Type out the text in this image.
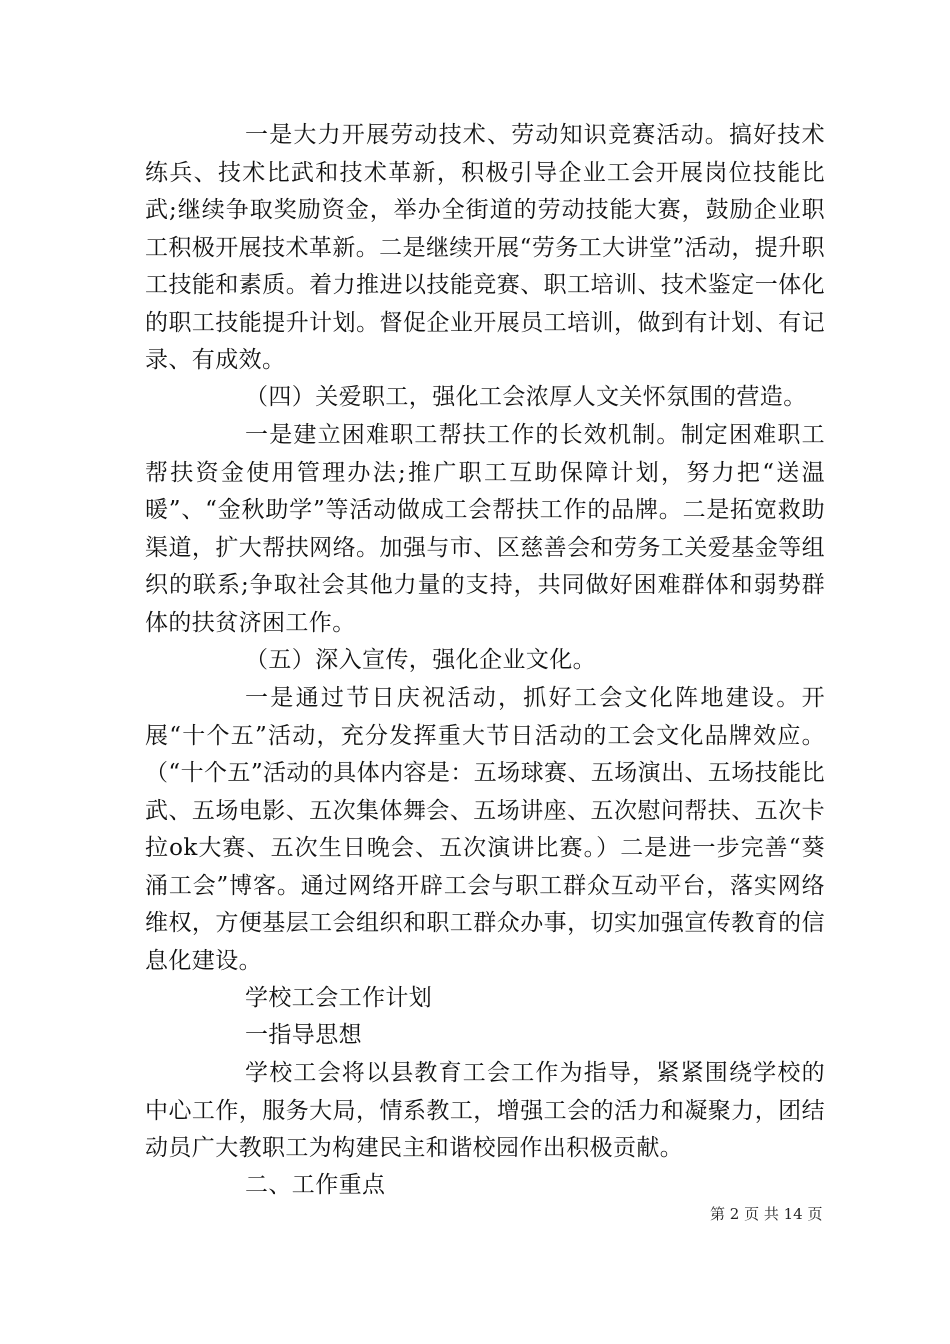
一是大力开展劳动技术、劳动知识竞赛活动。搞好技术练兵、技术比武和技术革新，积极引导企业工会开展岗位技能比武;继续争取奖励资金，举办全街道的劳动技能大赛，鼓励企业职工积极开展技术革新。二是继续开展“劳务工大讲堂”活动，提升职工技能和素质。着力推进以技能竞赛、职工培训、技术鉴定一体化的职工技能提升计划。督促企业开展员工培训，做到有计划、有记录、有成效。

（四）关爱职工，强化工会浓厚人文关怀氛围的营造。

一是建立困难职工帮扶工作的长效机制。制定困难职工帮扶资金使用管理办法;推广职工互助保障计划，努力把“送温暖”、“金秋助学”等活动做成工会帮扶工作的品牌。二是拓宽救助渠道，扩大帮扶网络。加强与市、区慈善会和劳务工关爱基金等组织的联系;争取社会其他力量的支持，共同做好困难群体和弱势群体的扶贫济困工作。

（五）深入宣传，强化企业文化。

一是通过节日庆祝活动，抓好工会文化阵地建设。开展“十个五”活动，充分发挥重大节日活动的工会文化品牌效应。（“十个五”活动的具体内容是：五场球赛、五场演出、五场技能比武、五场电影、五次集体舞会、五场讲座、五次慰问帮扶、五次卡拉ok大赛、五次生日晚会、五次演讲比赛。）二是进一步完善“葵涌工会”博客。通过网络开辟工会与职工群众互动平台，落实网络维权，方便基层工会组织和职工群众办事，切实加强宣传教育的信息化建设。

学校工会工作计划

一指导思想

学校工会将以县教育工会工作为指导，紧紧围绕学校的中心工作，服务大局，情系教工，增强工会的活力和凝聚力，团结动员广大教职工为构建民主和谐校园作出积极贡献。

二、工作重点

第 2 页 共 14 页
